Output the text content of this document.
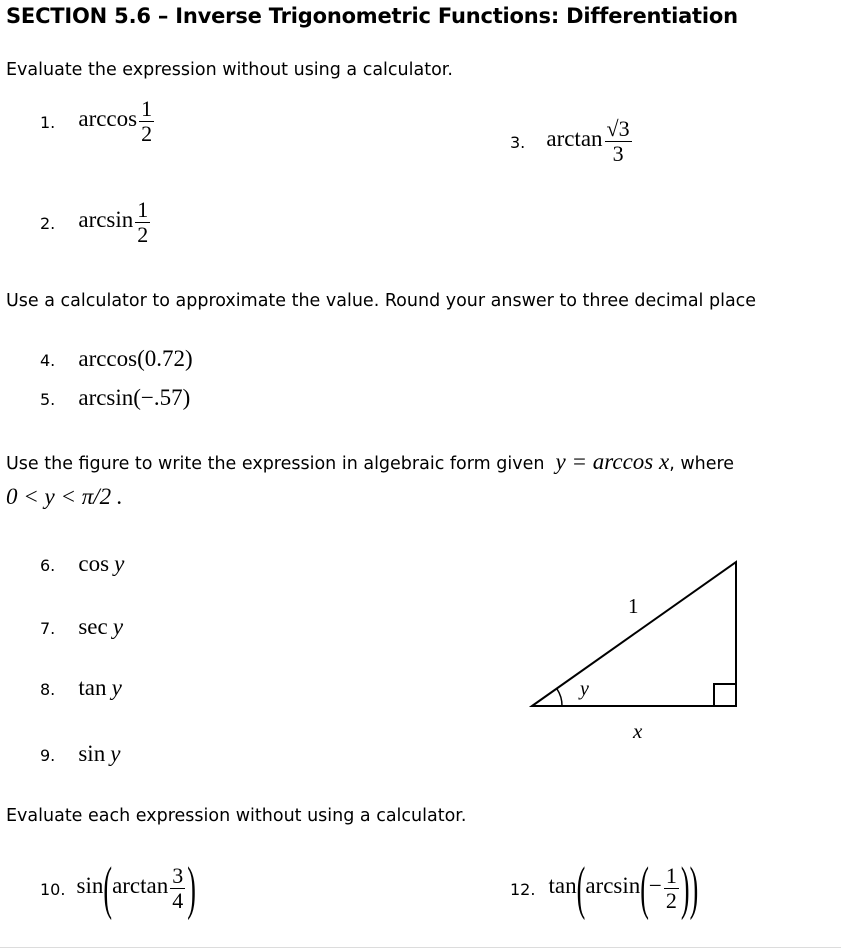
SECTION 5.6 – Inverse Trigonometric Functions: Differentiation
Evaluate the expression without using a calculator.
1. $\arccos \frac{1}{2}$	3. $\arctan \frac{√3}{3}$
2. $\arcsin \frac{1}{2}$
Use a calculator to approximate the value. Round your answer to three decimal place
4. arccos(0.72)
5. arcsin(−.57)
Use the figure to write the expression in algebraic form given y = arccos x, where
0 < y < π/2 .
6. cos y
7. sec y
8. tan y
9. sin y
1
y
x
Evaluate each expression without using a calculator.
10. $\sin(\arctan \frac{3}{4}$ )	12. $\tan(\arcsin(- \frac{1}{2}$ ))
